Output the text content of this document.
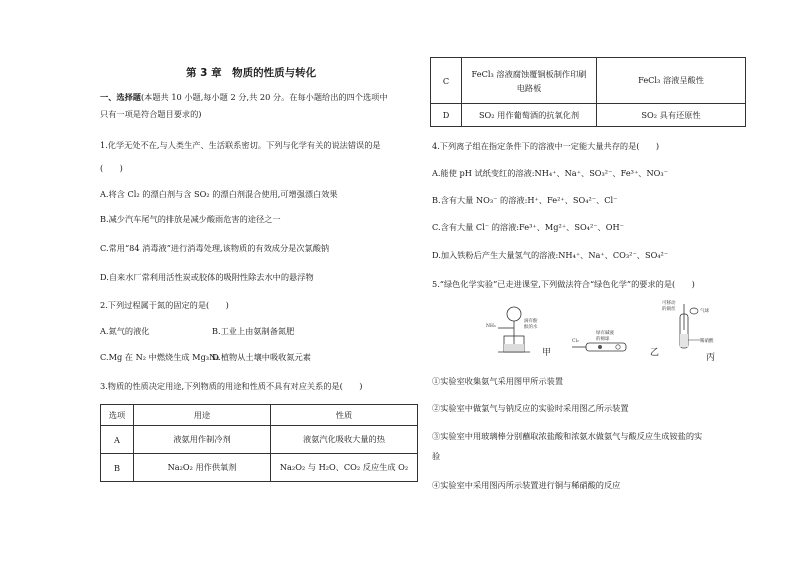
第 3 章　物质的性质与转化
一、选择题(本题共 10 小题,每小题 2 分,共 20 分。在每小题给出的四个选项中
只有一项是符合题目要求的)
1.化学无处不在,与人类生产、生活联系密切。下列与化学有关的说法错误的是
(　　)
A.将含 Cl₂ 的漂白剂与含 SO₂ 的漂白剂混合使用,可增强漂白效果
B.减少汽车尾气的排放是减少酸雨危害的途径之一
C.常用“84 消毒液”进行消毒处理,该物质的有效成分是次氯酸钠
D.自来水厂常利用活性炭或胶体的吸附性除去水中的悬浮物
2.下列过程属于氮的固定的是(　　)
A.氮气的液化	B.工业上由氨制备氮肥
C.Mg 在 N₂ 中燃烧生成 Mg₃N₂
D.植物从土壤中吸收氮元素
3.物质的性质决定用途,下列物质的用途和性质不具有对应关系的是(　　)
选项	用途	性质
A	液氨用作制冷剂	液氨汽化吸收大量的热
B	Na₂O₂ 用作供氧剂	Na₂O₂ 与 H₂O、CO₂ 反应生成 O₂
C	FeCl₃ 溶液腐蚀覆铜板制作印刷
电路板	FeCl₃ 溶液呈酸性
D	SO₂ 用作葡萄酒的抗氧化剂	SO₂ 具有还原性
4.下列离子组在指定条件下的溶液中一定能大量共存的是(　　)
A.能使 pH 试纸变红的溶液:NH₄⁺、Na⁺、SO₃²⁻、Fe³⁺、NO₃⁻
B.含有大量 NO₃⁻ 的溶液:H⁺、Fe²⁺、SO₄²⁻、Cl⁻
C.含有大量 Cl⁻ 的溶液:Fe³⁺、Mg²⁺、SO₄²⁻、OH⁻
D.加入铁粉后产生大量氢气的溶液:NH₄⁺、Na⁺、CO₃²⁻、SO₄²⁻
5.“绿色化学实验”已走进课堂,下列做法符合“绿色化学”的要求的是(　　)
NH₃
滴有酚
酞的水
Cl₂
绿有碱液
的棉球
可移动
的铜丝	气球
稀硝酸
甲	乙	丙
①实验室收集氨气采用图甲所示装置
②实验室中做氯气与钠反应的实验时采用图乙所示装置
③实验室中用玻璃棒分别蘸取浓盐酸和浓氨水做氨气与酸反应生成铵盐的实
验
④实验室中采用图丙所示装置进行铜与稀硝酸的反应
